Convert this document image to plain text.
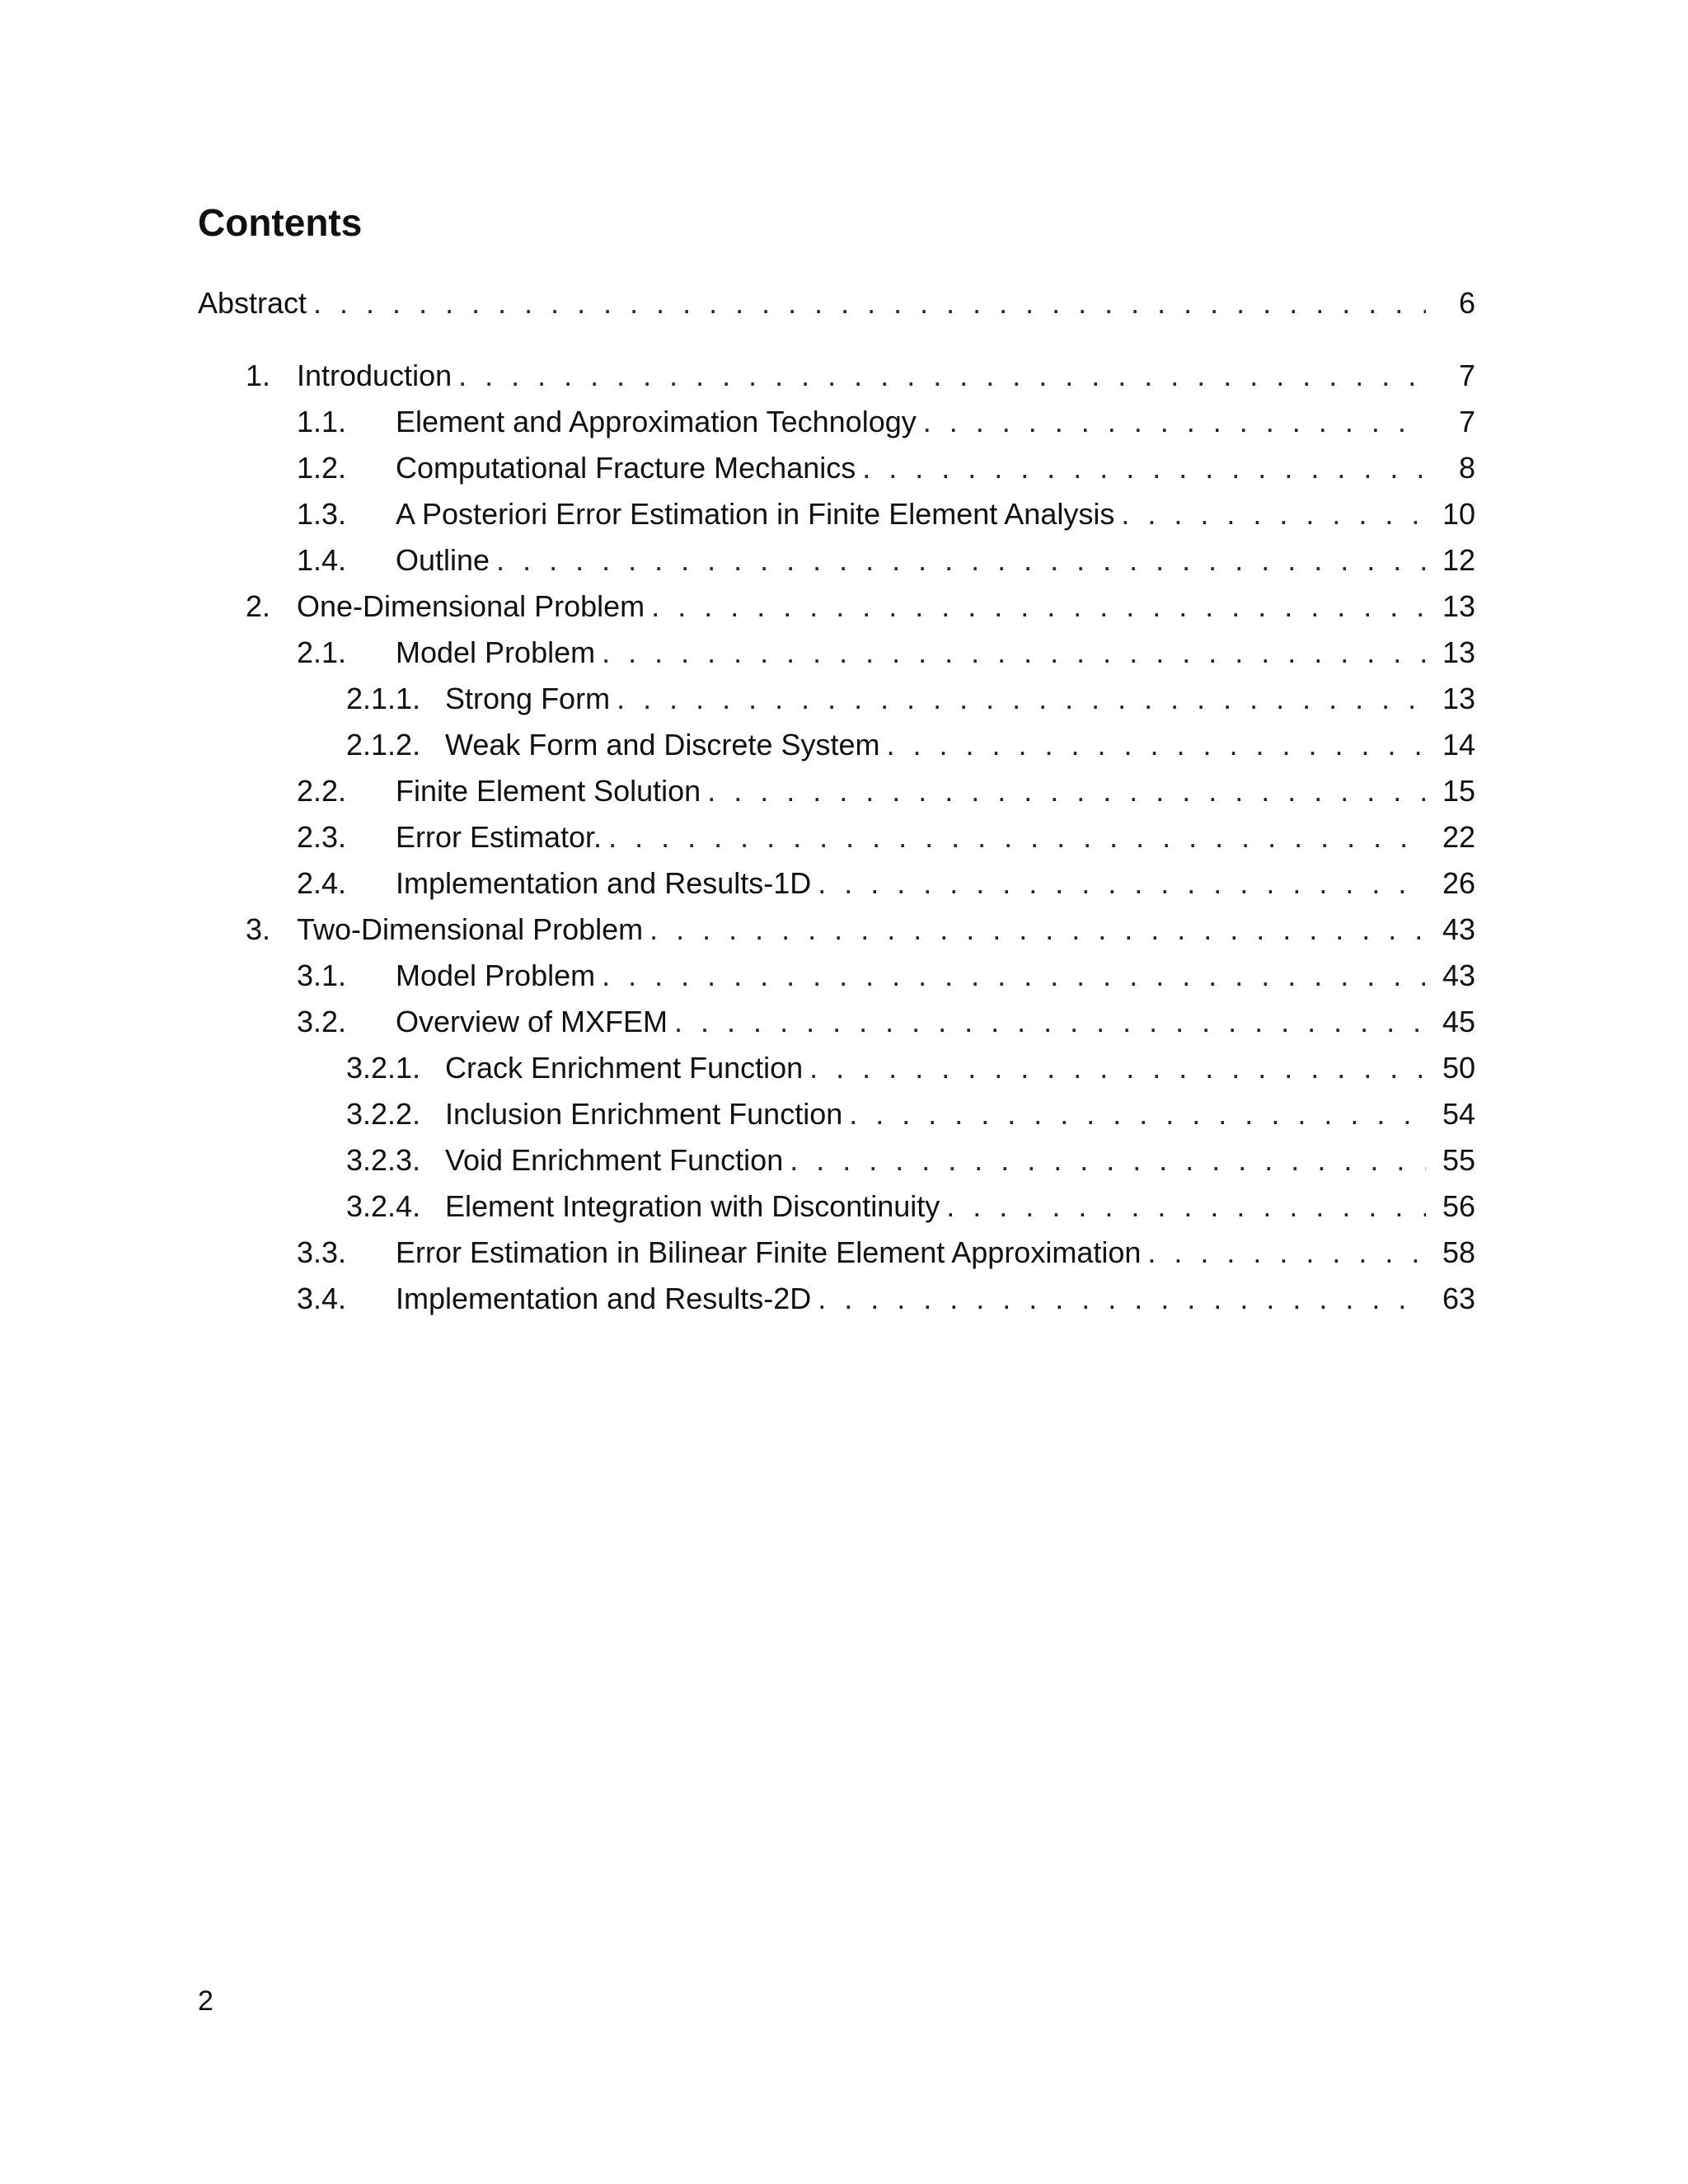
Contents
Abstract . . .	6
1. Introduction . . .	7
1.1.	Element and Approximation Technology . . .	7
1.2.	Computational Fracture Mechanics . . .	8
1.3.	A Posteriori Error Estimation in Finite Element Analysis . . .	10
1.4.	Outline . . .	12
2. One-Dimensional Problem . . .	13
2.1.	Model Problem . . .	13
2.1.1. Strong Form . . .	13
2.1.2. Weak Form and Discrete System . . .	14
2.2.	Finite Element Solution . . .	15
2.3.	Error Estimator. . . .	22
2.4.	Implementation and Results-1D . . .	26
3. Two-Dimensional Problem . . .	43
3.1.	Model Problem . . .	43
3.2.	Overview of MXFEM . . .	45
3.2.1. Crack Enrichment Function . . .	50
3.2.2. Inclusion Enrichment Function . . .	54
3.2.3. Void Enrichment Function . . .	55
3.2.4. Element Integration with Discontinuity . . .	56
3.3.	Error Estimation in Bilinear Finite Element Approximation . . .	58
3.4.	Implementation and Results-2D . . .	63
2
